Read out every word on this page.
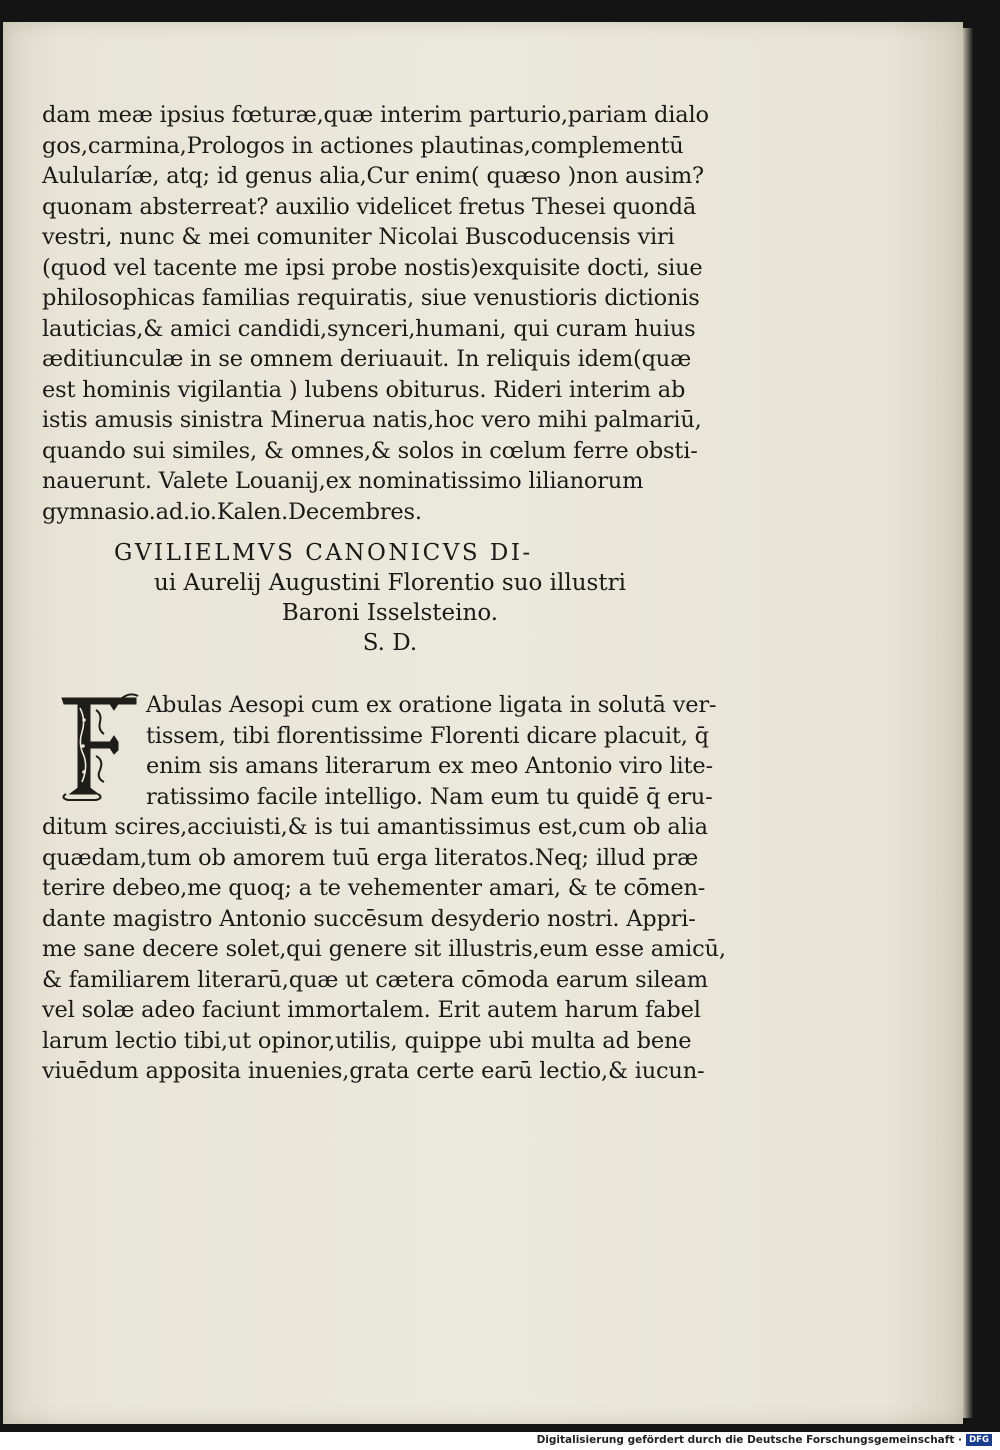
dam meæ ipsius fœturæ,quæ interim parturio,pariam dialo
gos,carmina,Prologos in actiones plautinas,complementū
Aulularíæ, atq; id genus alia,Cur enim( quæso )non ausim?
quonam absterreat? auxilio videlicet fretus Thesei quondā
vestri, nunc & mei comuniter Nicolai Buscoducensis viri
(quod vel tacente me ipsi probe nostis)exquisite docti, siue
philosophicas familias requiratis, siue venustioris dictionis
lauticias,& amici candidi,synceri,humani, qui curam huius
æditiunculæ in se omnem deriuauit. In reliquis idem(quæ
est hominis vigilantia ) lubens obiturus. Rideri interim ab
istis amusis sinistra Minerua natis,hoc vero mihi palmariū,
quando sui similes, & omnes,& solos in cœlum ferre obsti-
nauerunt. Valete Louanij,ex nominatissimo lilianorum
gymnasio.ad.io.Kalen.Decembres.
GVILIELMVS CANONICVS DI-
ui Aurelij Augustini Florentio suo illustri
Baroni Isselsteino.
S. D.
Abulas Aesopi cum ex oratione ligata in solutā ver-
tissem, tibi florentissime Florenti dicare placuit, q̄
enim sis amans literarum ex meo Antonio viro lite-
ratissimo facile intelligo. Nam eum tu quidē q̄ eru-
ditum scires,acciuisti,& is tui amantissimus est,cum ob alia
quædam,tum ob amorem tuū erga literatos.Neq; illud præ
terire debeo,me quoq; a te vehementer amari, & te cōmen-
dante magistro Antonio succēsum desyderio nostri. Appri-
me sane decere solet,qui genere sit illustris,eum esse amicū,
& familiarem literarū,quæ ut cætera cōmoda earum sileam
vel solæ adeo faciunt immortalem. Erit autem harum fabel
larum lectio tibi,ut opinor,utilis, quippe ubi multa ad bene
viuēdum apposita inuenies,grata certe earū lectio,& iucun-
Digitalisierung gefördert durch die Deutsche Forschungsgemeinschaft · DFG
